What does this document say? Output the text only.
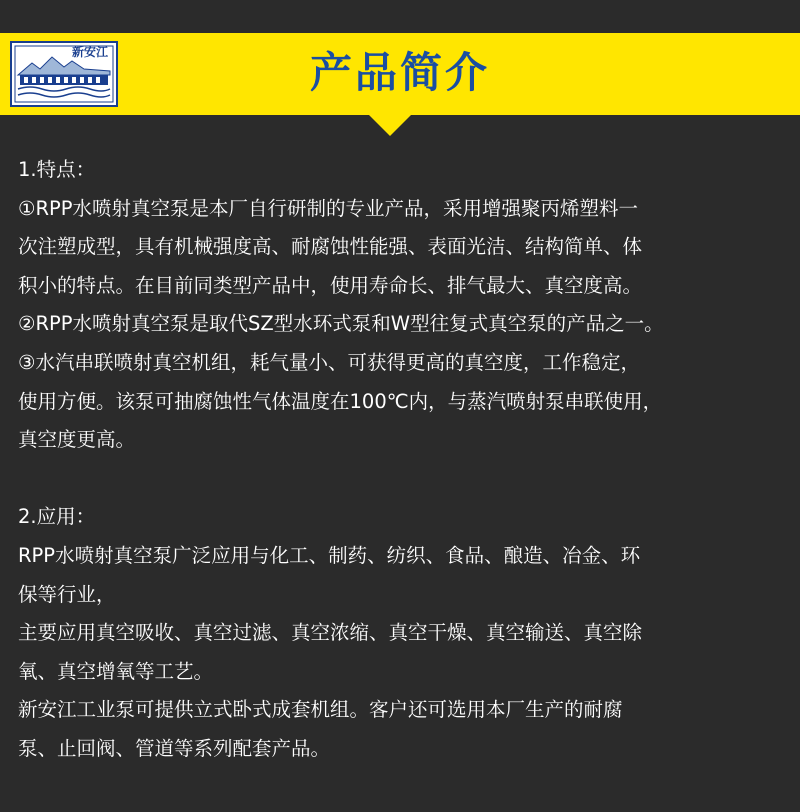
新安江	产品简介
1.特点：
①RPP水喷射真空泵是本厂自行研制的专业产品，采用增强聚丙烯塑料一
次注塑成型，具有机械强度高、耐腐蚀性能强、表面光洁、结构简单、体
积小的特点。在目前同类型产品中，使用寿命长、排气最大、真空度高。
②RPP水喷射真空泵是取代SZ型水环式泵和W型往复式真空泵的产品之一。
③水汽串联喷射真空机组，耗气量小、可获得更高的真空度，工作稳定，
使用方便。该泵可抽腐蚀性气体温度在100℃内，与蒸汽喷射泵串联使用，
真空度更高。
2.应用：
RPP水喷射真空泵广泛应用与化工、制药、纺织、食品、酿造、冶金、环
保等行业，
主要应用真空吸收、真空过滤、真空浓缩、真空干燥、真空输送、真空除
氧、真空增氧等工艺。
新安江工业泵可提供立式卧式成套机组。客户还可选用本厂生产的耐腐
泵、止回阀、管道等系列配套产品。
